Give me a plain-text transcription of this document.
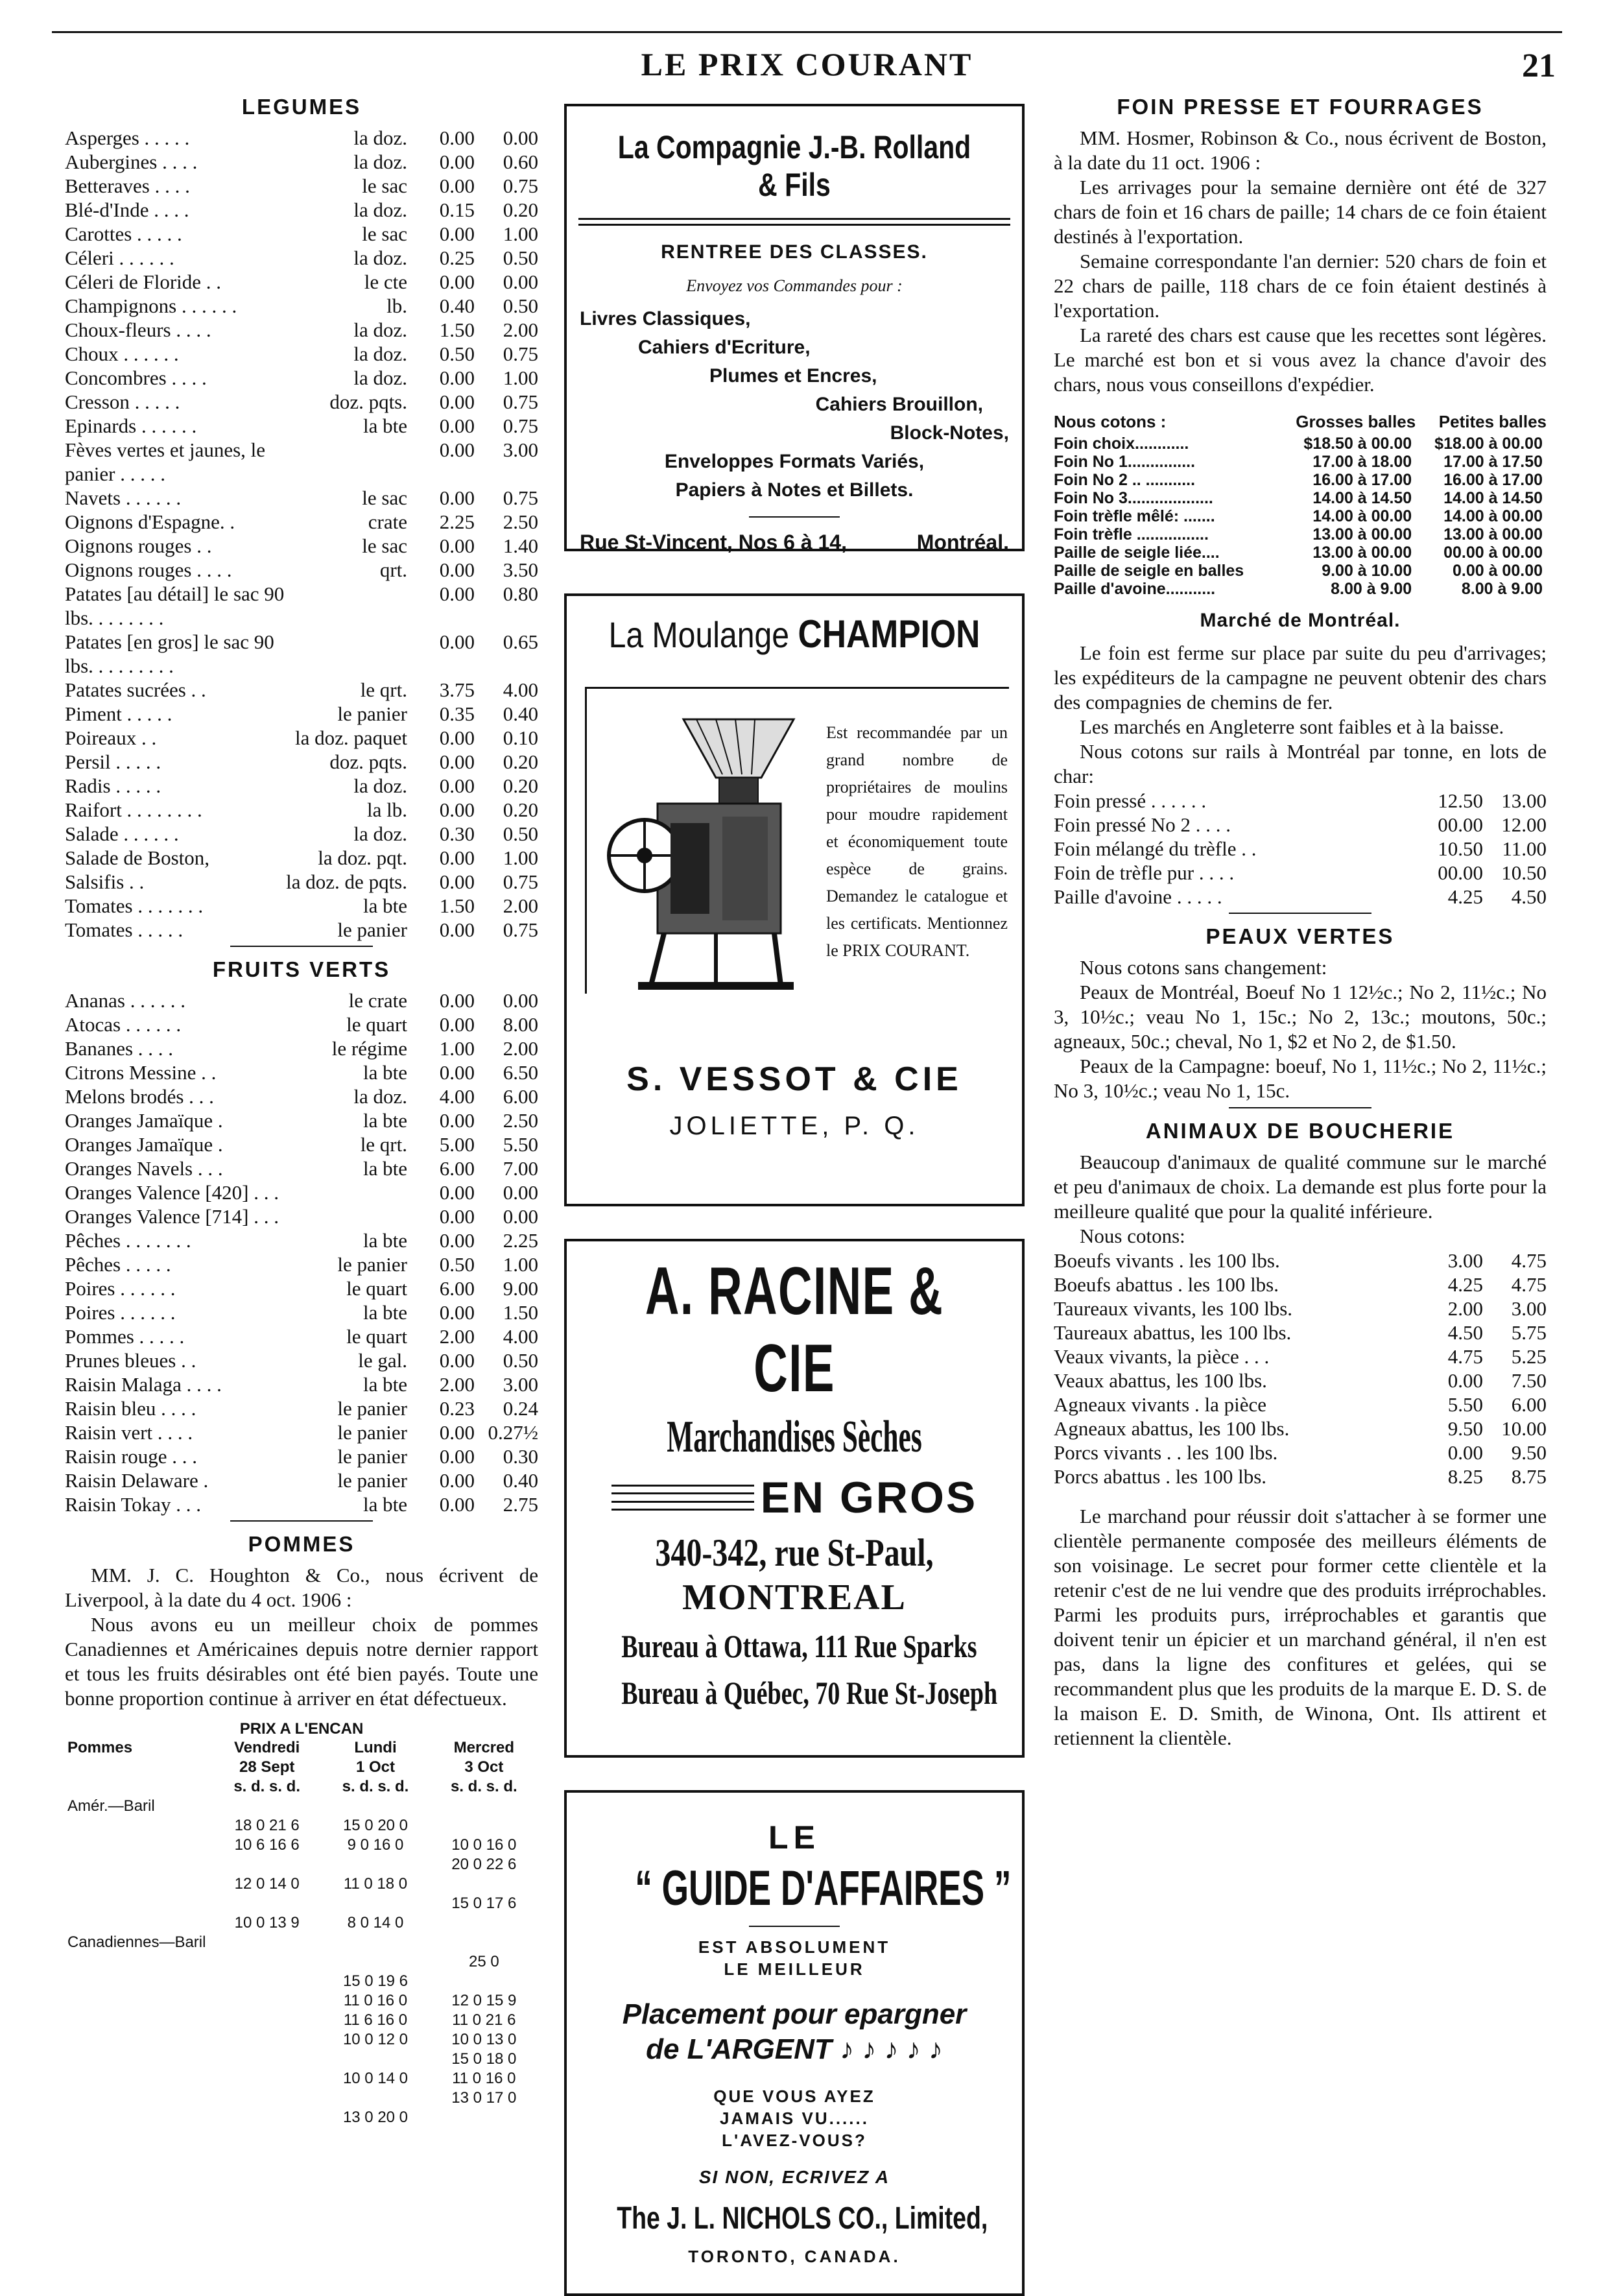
LE PRIX COURANT	21
LEGUMES
Asperges . . . . .	la doz.	0.00	0.00
Aubergines . . . .	la doz.	0.00	0.60
Betteraves . . . .	le sac	0.00	0.75
Blé-d'Inde . . . .	la doz.	0.15	0.20
Carottes . . . . .	le sac	0.00	1.00
Céleri . . . . . .	la doz.	0.25	0.50
Céleri de Floride . .	le cte	0.00	0.00
Champignons . . . . . .	lb.	0.40	0.50
Choux-fleurs . . . .	la doz.	1.50	2.00
Choux . . . . . .	la doz.	0.50	0.75
Concombres . . . .	la doz.	0.00	1.00
Cresson . . . . .	doz. pqts.	0.00	0.75
Epinards . . . . . .	la bte	0.00	0.75
Fèves vertes et jaunes, le panier . . . . .		0.00	3.00
Navets . . . . . .	le sac	0.00	0.75
Oignons d'Espagne. .	crate	2.25	2.50
Oignons rouges . .	le sac	0.00	1.40
Oignons rouges . . . .	qrt.	0.00	3.50
Patates [au détail] le sac 90 lbs. . . . . . . .		0.00	0.80
Patates [en gros] le sac 90 lbs. . . . . . . . .		0.00	0.65
Patates sucrées . .	le qrt.	3.75	4.00
Piment . . . . .	le panier	0.35	0.40
Poireaux . .	la doz. paquet	0.00	0.10
Persil . . . . .	doz. pqts.	0.00	0.20
Radis . . . . .	la doz.	0.00	0.20
Raifort . . . . . . . .	la lb.	0.00	0.20
Salade . . . . . .	la doz.	0.30	0.50
Salade de Boston,	la doz. pqt.	0.00	1.00
Salsifis . .	la doz. de pqts.	0.00	0.75
Tomates . . . . . . .	la bte	1.50	2.00
Tomates . . . . .	le panier	0.00	0.75
FRUITS VERTS
Ananas . . . . . .	le crate	0.00	0.00
Atocas . . . . . .	le quart	0.00	8.00
Bananes . . . .	le régime	1.00	2.00
Citrons Messine . .	la bte	0.00	6.50
Melons brodés . . .	la doz.	4.00	6.00
Oranges Jamaïque .	la bte	0.00	2.50
Oranges Jamaïque .	le qrt.	5.00	5.50
Oranges Navels . . .	la bte	6.00	7.00
Oranges Valence [420] . . .		0.00	0.00
Oranges Valence [714] . . .		0.00	0.00
Pêches . . . . . . .	la bte	0.00	2.25
Pêches . . . . .	le panier	0.50	1.00
Poires . . . . . .	le quart	6.00	9.00
Poires . . . . . .	la bte	0.00	1.50
Pommes . . . . .	le quart	2.00	4.00
Prunes bleues . .	le gal.	0.00	0.50
Raisin Malaga . . . .	la bte	2.00	3.00
Raisin bleu . . . .	le panier	0.23	0.24
Raisin vert . . . .	le panier	0.00	0.27½
Raisin rouge . . .	le panier	0.00	0.30
Raisin Delaware .	le panier	0.00	0.40
Raisin Tokay . . .	la bte	0.00	2.75
POMMES

MM. J. C. Houghton & Co., nous écrivent de Liverpool, à la date du 4 oct. 1906 :

Nous avons eu un meilleur choix de pommes Canadiennes et Américaines depuis notre dernier rapport et tous les fruits désirables ont été bien payés. Toute une bonne proportion continue à arriver en état défectueux.

PRIX A L'ENCAN
Pommes	Vendredi	Lundi	Mercred
	28 Sept	1 Oct	3 Oct
	s. d. s. d.	s. d. s. d.	s. d. s. d.
Amér.—Baril			
	18 0 21 6	15 0 20 0	
	10 6 16 6	9 0 16 0	10 0 16 0
			20 0 22 6
	12 0 14 0	11 0 18 0	
			15 0 17 6
	10 0 13 9	8 0 14 0	
Canadiennes—Baril			
			25 0
		15 0 19 6	
		11 0 16 0	12 0 15 9
		11 6 16 0	11 0 21 6
		10 0 12 0	10 0 13 0
			15 0 18 0
		10 0 14 0	11 0 16 0
			13 0 17 0
		13 0 20 0	
La Compagnie J.-B. Rolland & Fils
RENTREE DES CLASSES.
Envoyez vos Commandes pour :
Livres Classiques,
Cahiers d'Ecriture,
Plumes et Encres,
Cahiers Brouillon,
Block-Notes,
Enveloppes Formats Variés,
Papiers à Notes et Billets.
Rue St-Vincent, Nos 6 à 14,	Montréal.
La Moulange CHAMPION
Est recommandée par un grand nombre de propriétaires de moulins pour moudre rapidement et économiquement toute espèce de grains. Demandez le catalogue et les certificats. Mentionnez le PRIX COURANT.
S. VESSOT & CIE
JOLIETTE, P. Q.
A. RACINE & CIE
Marchandises Sèches
EN GROS
340-342, rue St-Paul,
MONTREAL
Bureau à Ottawa, 111 Rue Sparks
Bureau à Québec, 70 Rue St-Joseph
LE
“ GUIDE D'AFFAIRES ”
EST ABSOLUMENT
LE MEILLEUR
Placement pour epargner
de L'ARGENT ♪ ♪ ♪ ♪ ♪
QUE VOUS AYEZ
JAMAIS VU......
L'AVEZ-VOUS?
SI NON, ECRIVEZ A
The J. L. NICHOLS CO., Limited,
TORONTO, CANADA.
FOIN PRESSE ET FOURRAGES

MM. Hosmer, Robinson & Co., nous écrivent de Boston, à la date du 11 oct. 1906 :

Les arrivages pour la semaine dernière ont été de 327 chars de foin et 16 chars de paille; 14 chars de ce foin étaient destinés à l'exportation.

Semaine correspondante l'an dernier: 520 chars de foin et 22 chars de paille, 118 chars de ce foin étaient destinés à l'exportation.

La rareté des chars est cause que les recettes sont légères. Le marché est bon et si vous avez la chance d'avoir des chars, nous vous conseillons d'expédier.

Nous cotons :	Grosses balles	Petites balles
Foin choix............	$18.50 à 00.00	$18.00 à 00.00
Foin No 1...............	17.00 à 18.00	17.00 à 17.50
Foin No 2 .. ...........	16.00 à 17.00	16.00 à 17.00
Foin No 3...................	14.00 à 14.50	14.00 à 14.50
Foin trèfle mêlé: .......	14.00 à 00.00	14.00 à 00.00
Foin trèfle ................	13.00 à 00.00	13.00 à 00.00
Paille de seigle liée....	13.00 à 00.00	00.00 à 00.00
Paille de seigle en balles	9.00 à 10.00	0.00 à 00.00
Paille d'avoine...........	8.00 à 9.00	8.00 à 9.00
Marché de Montréal.

Le foin est ferme sur place par suite du peu d'arrivages; les expéditeurs de la campagne ne peuvent obtenir des chars des compagnies de chemins de fer.

Les marchés en Angleterre sont faibles et à la baisse.

Nous cotons sur rails à Montréal par tonne, en lots de char:

Foin pressé . . . . . .	12.50	13.00
Foin pressé No 2 . . . .	00.00	12.00
Foin mélangé du trèfle . .	10.50	11.00
Foin de trèfle pur . . . .	00.00	10.50
Paille d'avoine . . . . .	4.25	4.50
PEAUX VERTES

Nous cotons sans changement:

Peaux de Montréal, Boeuf No 1 12½c.; No 2, 11½c.; No 3, 10½c.; veau No 1, 15c.; No 2, 13c.; moutons, 50c.; agneaux, 50c.; cheval, No 1, $2 et No 2, de $1.50.

Peaux de la Campagne: boeuf, No 1, 11½c.; No 2, 11½c.; No 3, 10½c.; veau No 1, 15c.

ANIMAUX DE BOUCHERIE

Beaucoup d'animaux de qualité commune sur le marché et peu d'animaux de choix. La demande est plus forte pour la meilleure qualité que pour la qualité inférieure.

Nous cotons:

Boeufs vivants . les 100 lbs.	3.00	4.75
Boeufs abattus . les 100 lbs.	4.25	4.75
Taureaux vivants, les 100 lbs.	2.00	3.00
Taureaux abattus, les 100 lbs.	4.50	5.75
Veaux vivants, la pièce . . .	4.75	5.25
Veaux abattus, les 100 lbs.	0.00	7.50
Agneaux vivants . la pièce	5.50	6.00
Agneaux abattus, les 100 lbs.	9.50	10.00
Porcs vivants . . les 100 lbs.	0.00	9.50
Porcs abattus . les 100 lbs.	8.25	8.75

Le marchand pour réussir doit s'attacher à se former une clientèle permanente composée des meilleurs éléments de son voisinage. Le secret pour former cette clientèle et la retenir c'est de ne lui vendre que des produits irréprochables. Parmi les produits purs, irréprochables et garantis que doivent tenir un épicier et un marchand général, il n'en est pas, dans la ligne des confitures et gelées, qui se recommandent plus que les produits de la marque E. D. S. de la maison E. D. Smith, de Winona, Ont. Ils attirent et retiennent la clientèle.
